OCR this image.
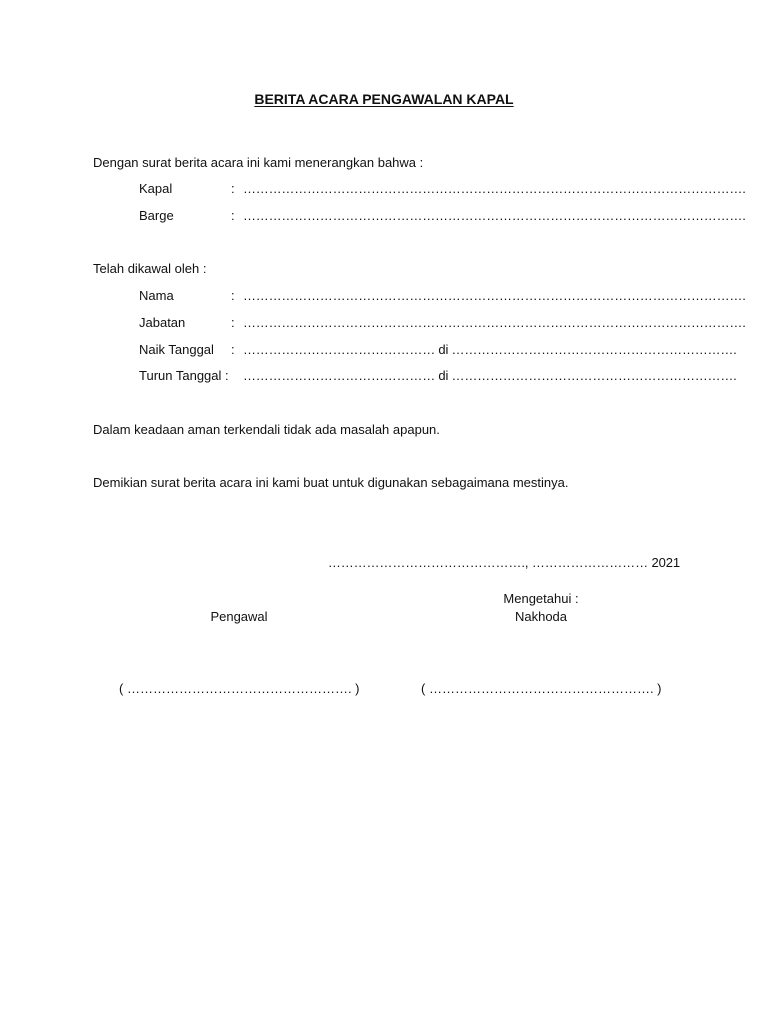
BERITA ACARA PENGAWALAN KAPAL
Dengan surat berita acara ini kami menerangkan bahwa :
Kapal	: ……………………………………………………………………………………………………….
Barge	: ……………………………………………………………………………………………………….
Telah dikawal oleh :
Nama	: ……………………………………………………………………………………………………….
Jabatan	: ……………………………………………………………………………………………………….
Naik Tanggal : ……………………………………… di ………………………………………………………….
Turun Tanggal : ……………………………………… di ………………………………………………………….
Dalam keadaan aman terkendali tidak ada masalah apapun.
Demikian surat berita acara ini kami buat untuk digunakan sebagaimana mestinya.
………………………………………., ……………………… 2021
Mengetahui :
Pengawal	Nakhoda
( ……………………………………………. )	( ……………………………………………. )
